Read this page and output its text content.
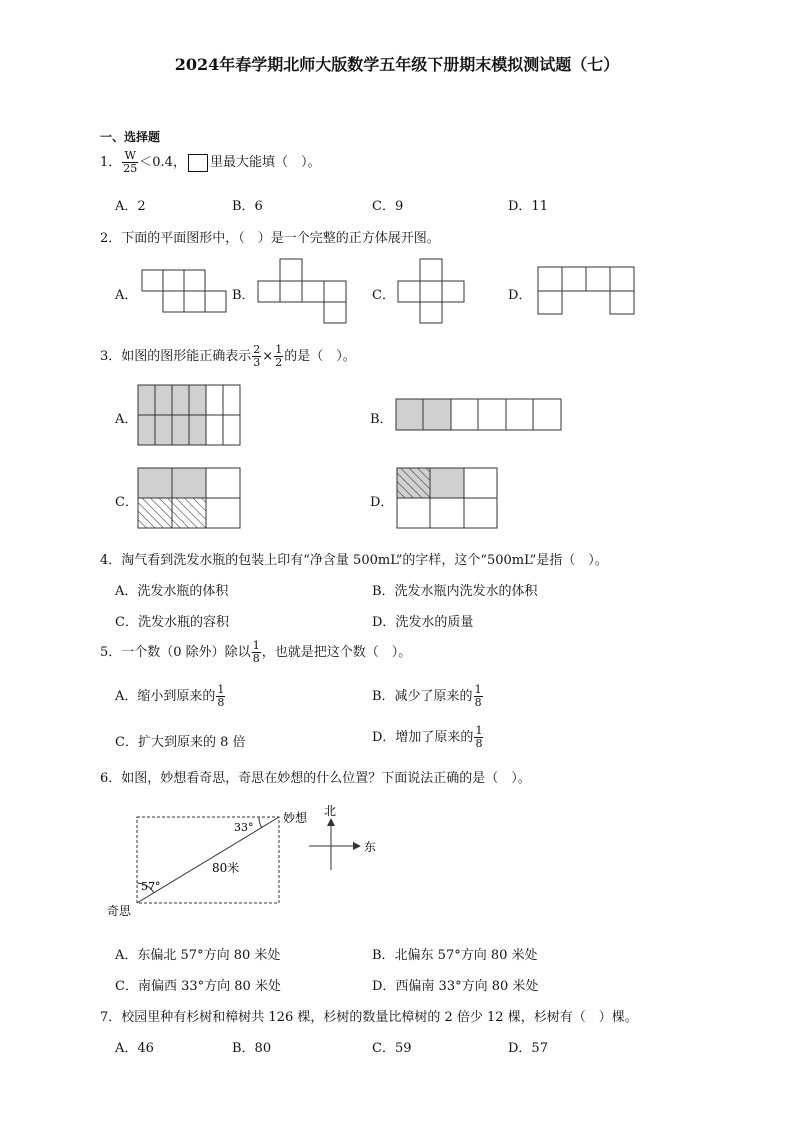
2024年春学期北师大版数学五年级下册期末模拟测试题（七）
一、选择题
1． $\frac{W}{25} <0.4$， 里最大能填（　）。
A．2	B．6	C．9	D．11
2．下面的平面图形中，（　）是一个完整的正方体展开图。
A．	B．	C．	D．
3．如图的图形能正确表示 $\frac{2}{3} \times \frac{1}{2}$ 的是（　）。
A．	B．
C．	D．
4．淘气看到洗发水瓶的包装上印有“净含量 500mL”的字样，这个“500mL”是指（　）。
A．洗发水瓶的体积	B．洗发水瓶内洗发水的体积
C．洗发水瓶的容积	D．洗发水的质量
5．一个数（0 除外）除以 $\frac{1}{8}$ ，也就是把这个数（　）。
A．缩小到原来的 $\frac{1}{8}$	B．减少了原来的 $\frac{1}{8}$
C．扩大到原来的 8 倍	D．增加了原来的 $\frac{1}{8}$
6．如图，妙想看奇思，奇思在妙想的什么位置？下面说法正确的是（　）。
妙想
奇思
33°
57°
80米
北
东
A．东偏北 57°方向 80 米处	B．北偏东 57°方向 80 米处
C．南偏西 33°方向 80 米处	D．西偏南 33°方向 80 米处
7．校园里种有杉树和樟树共 126 棵，杉树的数量比樟树的 2 倍少 12 棵，杉树有（　）棵。
A．46	B．80	C．59	D．57
